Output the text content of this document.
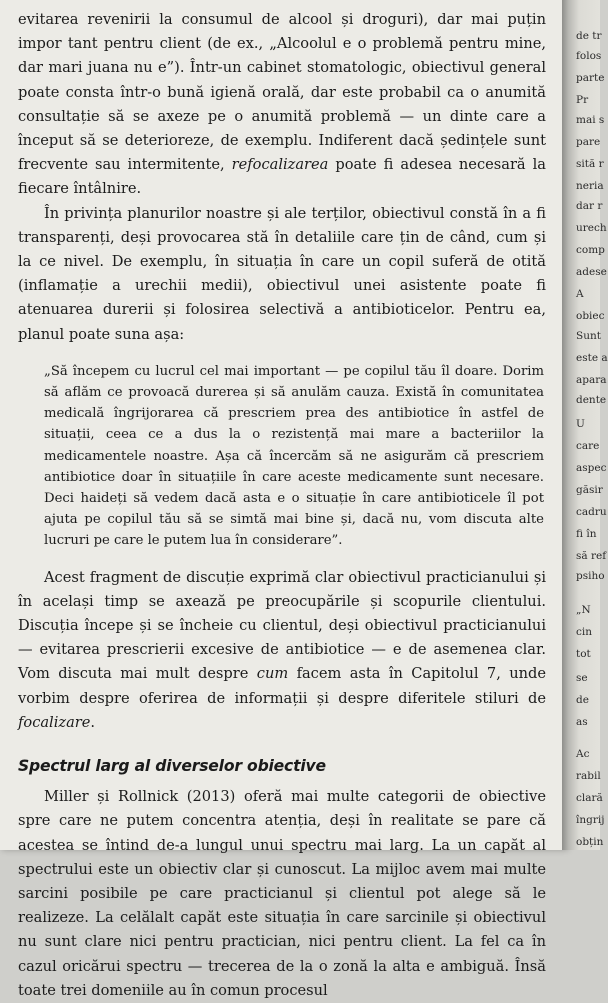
evitarea revenirii la consumul de alcool și droguri), dar mai puțin impor tant pentru client (de ex., „Alcoolul e o problemă pentru mine, dar mari juana nu e”). Într-un cabinet stomatologic, obiectivul general poate consta într-o bună igienă orală, dar este probabil ca o anumită consultație să se axeze pe o anumită problemă — un dinte care a început să se deterioreze, de exemplu. Indiferent dacă ședințele sunt frecvente sau intermitente, refocalizarea poate fi adesea necesară la fiecare întâlnire.

În privința planurilor noastre și ale terților, obiectivul constă în a fi transparenți, deși provocarea stă în detaliile care țin de când, cum și la ce nivel. De exemplu, în situația în care un copil suferă de otită (inflamație a urechii medii), obiectivul unei asistente poate fi atenuarea durerii și folosirea selectivă a antibioticelor. Pentru ea, planul poate suna așa:

„Să începem cu lucrul cel mai important — pe copilul tău îl doare. Dorim să aflăm ce provoacă durerea și să anulăm cauza. Există în comunitatea medicală îngrijorarea că prescriem prea des antibiotice în astfel de situații, ceea ce a dus la o rezistență mai mare a bacteriilor la medicamentele noastre. Așa că încercăm să ne asigurăm că prescriem antibiotice doar în situațiile în care aceste medicamente sunt necesare. Deci haideți să vedem dacă asta e o situație în care antibioticele îl pot ajuta pe copilul tău să se simtă mai bine și, dacă nu, vom discuta alte lucruri pe care le putem lua în considerare”.

Acest fragment de discuție exprimă clar obiectivul practicianului și în același timp se axează pe preocupările și scopurile clientului. Discuția începe și se încheie cu clientul, deși obiectivul practicianului — evitarea prescrierii excesive de antibiotice — e de asemenea clar. Vom discuta mai mult despre cum facem asta în Capitolul 7, unde vorbim despre oferirea de informații și despre diferitele stiluri de focalizare.

Spectrul larg al diverselor obiective

Miller și Rollnick (2013) oferă mai multe categorii de obiective spre care ne putem concentra atenția, deși în realitate se pare că acestea se întind de-a lungul unui spectru mai larg. La un capăt al spectrului este un obiectiv clar și cunoscut. La mijloc avem mai multe sarcini posibile pe care practicianul și clientul pot alege să le realizeze. La celălalt capăt este situația în care sarcinile și obiectivul nu sunt clare nici pentru practician, nici pentru client. La fel ca în cazul oricărui spectru — trecerea de la o zonă la alta e ambiguă. Însă toate trei domeniile au în comun procesul

de tr
folos
parte
Pr
mai s
pare
sită r
neria
dar r
urech
comp
adese
A
obiec
Sunt
este a
apara
dente
U
care
aspec
găsir
cadru
fi în
să ref
psiho
„N
cin
tot
se
de
as
Ac
rabil
clară
îngrij
obțin
